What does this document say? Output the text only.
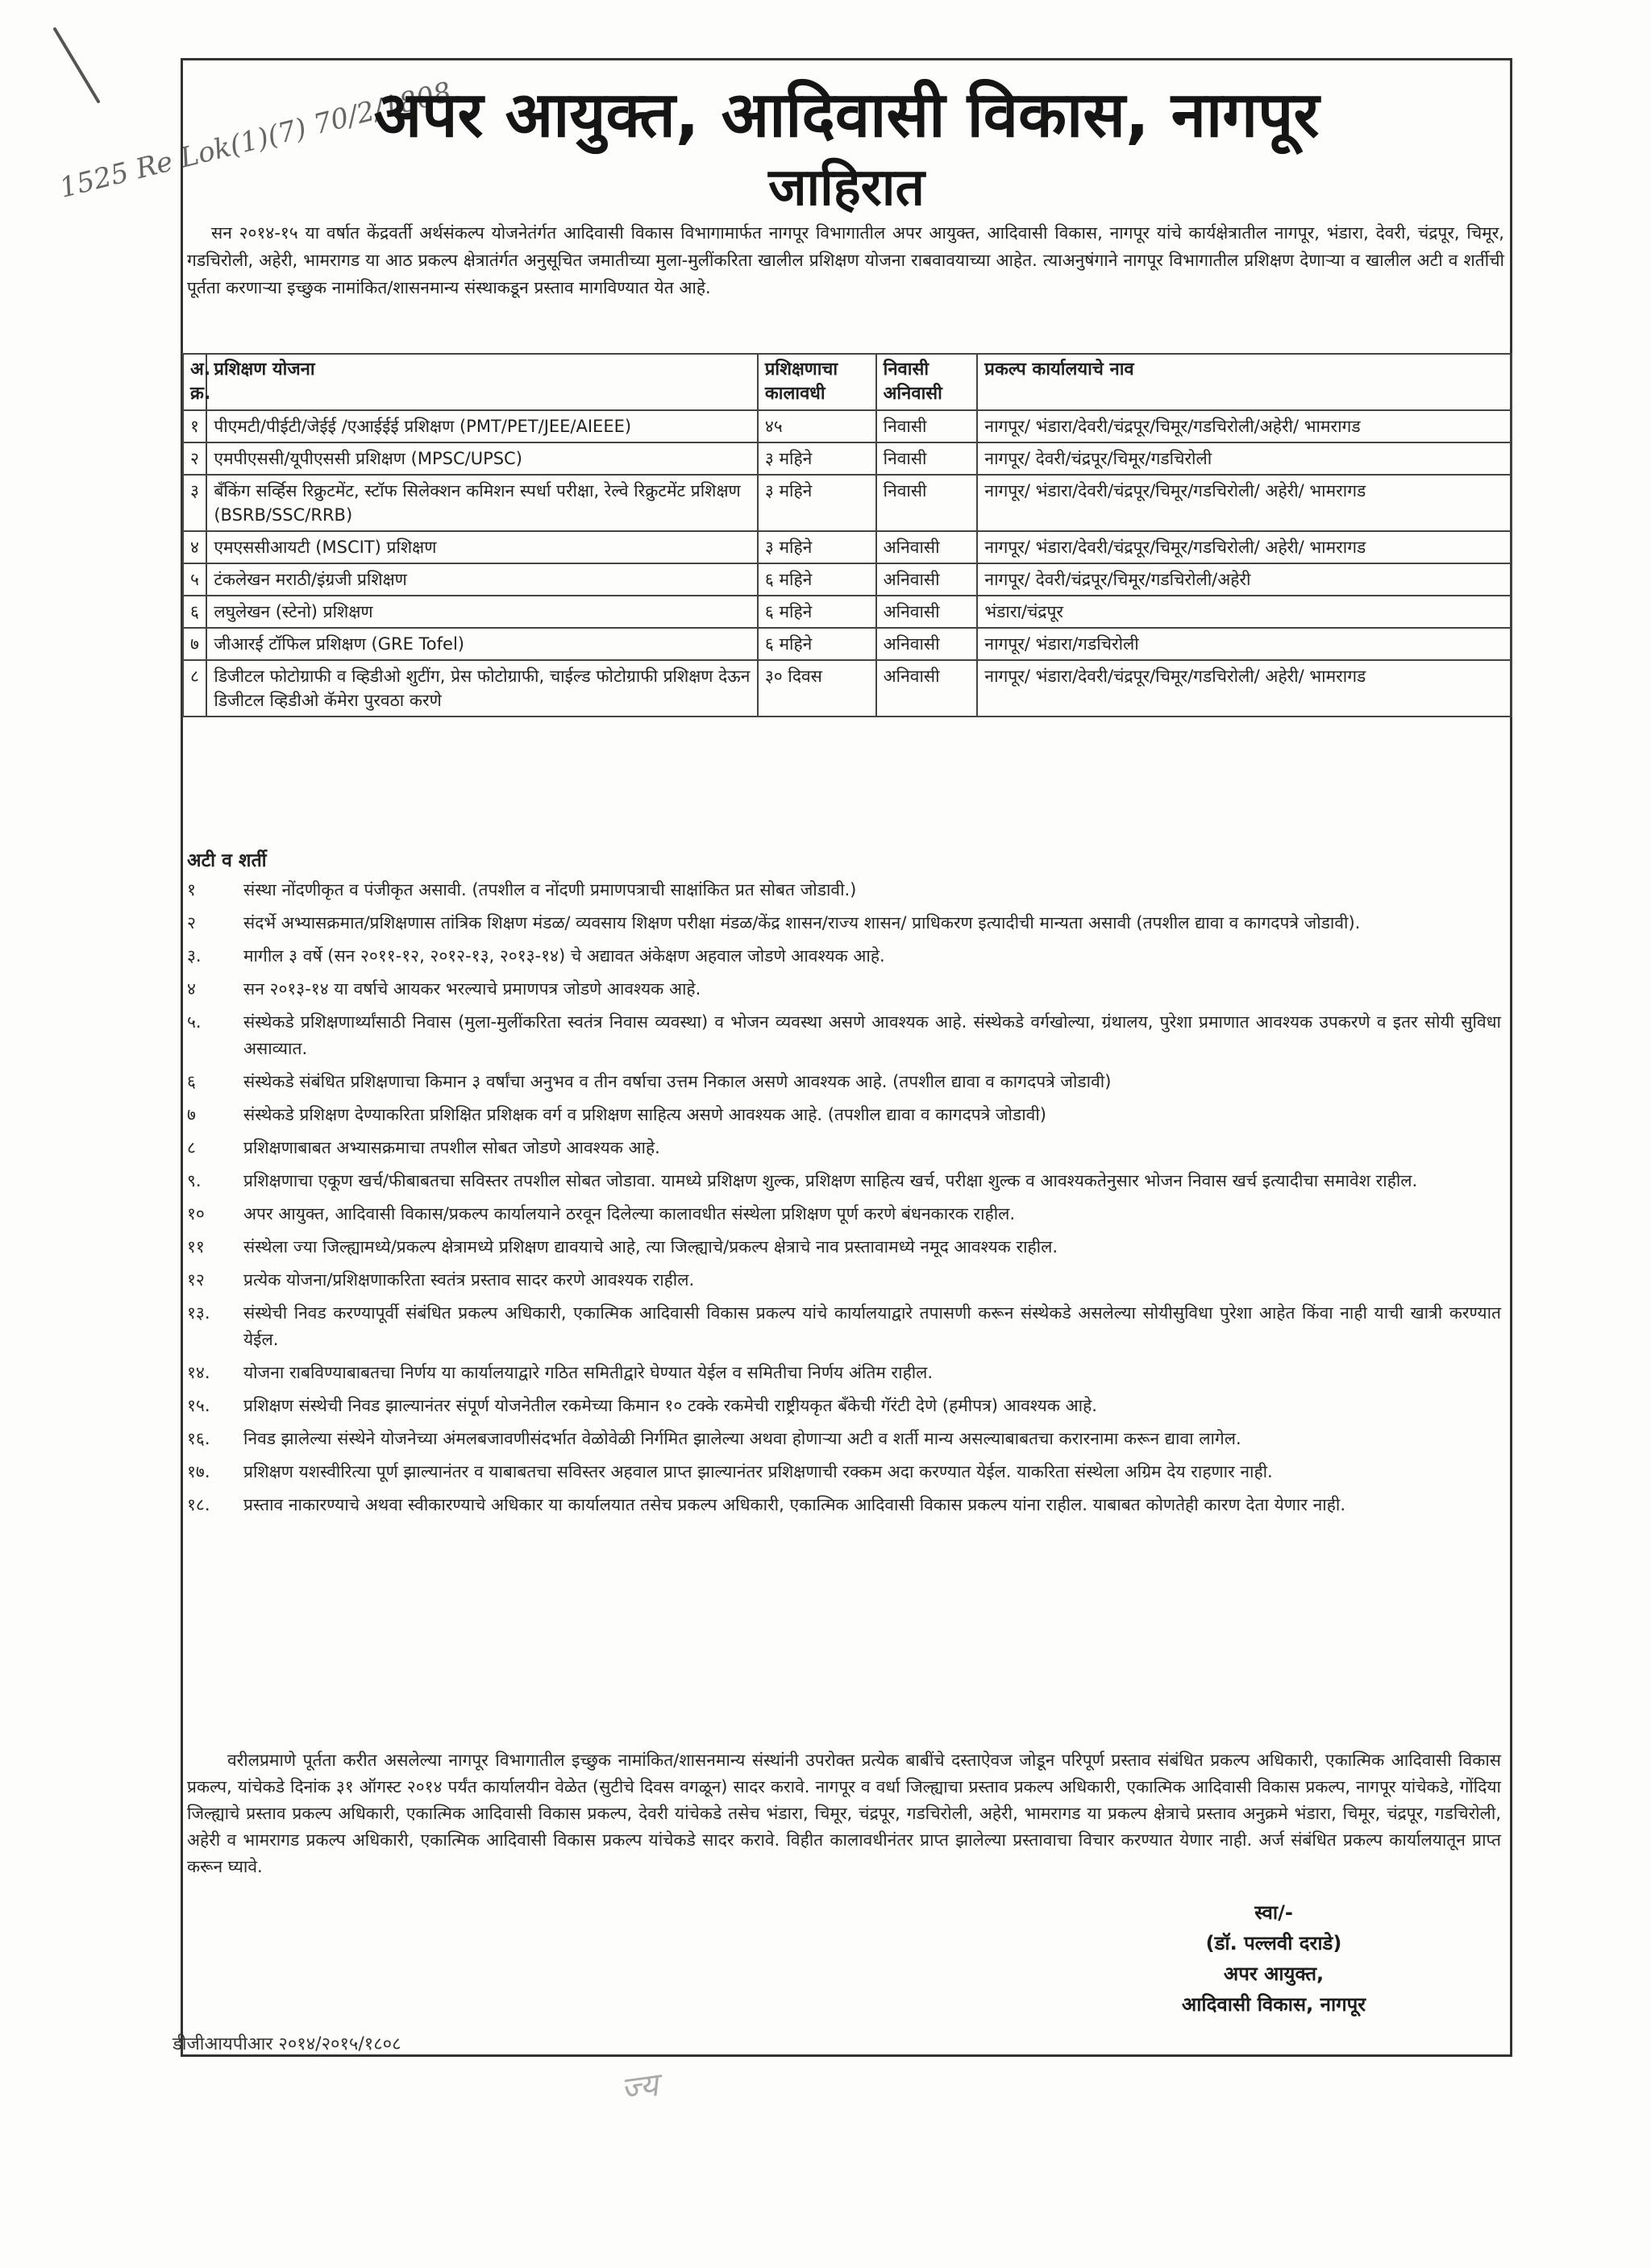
1525 Re Lok(1)(7) 70/2/1808
अपर आयुक्त, आदिवासी विकास, नागपूर
जाहिरात
सन २०१४-१५ या वर्षात केंद्रवर्ती अर्थसंकल्प योजनेतंर्गत आदिवासी विकास विभागामार्फत नागपूर विभागातील अपर आयुक्त, आदिवासी विकास, नागपूर यांचे कार्यक्षेत्रातील नागपूर, भंडारा, देवरी, चंद्रपूर, चिमूर, गडचिरोली, अहेरी, भामरागड या आठ प्रकल्प क्षेत्रातंर्गत अनुसूचित जमातीच्या मुला-मुलींकरिता खालील प्रशिक्षण योजना राबवावयाच्या आहेत. त्याअनुषंगाने नागपूर विभागातील प्रशिक्षण देणाऱ्या व खालील अटी व शर्तीची पूर्तता करणाऱ्या इच्छुक नामांकित/शासनमान्य संस्थाकडून प्रस्ताव मागविण्यात येत आहे.
अ. क्र.	प्रशिक्षण योजना	प्रशिक्षणाचा कालावधी	निवासी अनिवासी	प्रकल्प कार्यालयाचे नाव
१	पीएमटी/पीईटी/जेईई /एआईईई प्रशिक्षण (PMT/PET/JEE/AIEEE)	४५	निवासी	नागपूर/ भंडारा/देवरी/चंद्रपूर/चिमूर/गडचिरोली/अहेरी/ भामरागड
२	एमपीएससी/यूपीएससी प्रशिक्षण (MPSC/UPSC)	३ महिने	निवासी	नागपूर/ देवरी/चंद्रपूर/चिमूर/गडचिरोली
३	बँकिंग सर्व्हिस रिक्रुटमेंट, स्टॉफ सिलेक्शन कमिशन स्पर्धा परीक्षा, रेल्वे रिक्रुटमेंट प्रशिक्षण (BSRB/SSC/RRB)	३ महिने	निवासी	नागपूर/ भंडारा/देवरी/चंद्रपूर/चिमूर/गडचिरोली/ अहेरी/ भामरागड
४	एमएससीआयटी (MSCIT) प्रशिक्षण	३ महिने	अनिवासी	नागपूर/ भंडारा/देवरी/चंद्रपूर/चिमूर/गडचिरोली/ अहेरी/ भामरागड
५	टंकलेखन मराठी/इंग्रजी प्रशिक्षण	६ महिने	अनिवासी	नागपूर/ देवरी/चंद्रपूर/चिमूर/गडचिरोली/अहेरी
६	लघुलेखन (स्टेनो) प्रशिक्षण	६ महिने	अनिवासी	भंडारा/चंद्रपूर
७	जीआरई टॉफिल प्रशिक्षण (GRE Tofel)	६ महिने	अनिवासी	नागपूर/ भंडारा/गडचिरोली
८	डिजीटल फोटोग्राफी व व्हिडीओ शुटींग, प्रेस फोटोग्राफी, चाईल्ड फोटोग्राफी प्रशिक्षण देऊन डिजीटल व्हिडीओ कॅमेरा पुरवठा करणे	३० दिवस	अनिवासी	नागपूर/ भंडारा/देवरी/चंद्रपूर/चिमूर/गडचिरोली/ अहेरी/ भामरागड
अटी व शर्ती
१	संस्था नोंदणीकृत व पंजीकृत असावी. (तपशील व नोंदणी प्रमाणपत्राची साक्षांकित प्रत सोबत जोडावी.)
२	संदर्भे अभ्यासक्रमात/प्रशिक्षणास तांत्रिक शिक्षण मंडळ/ व्यवसाय शिक्षण परीक्षा मंडळ/केंद्र शासन/राज्य शासन/ प्राधिकरण इत्यादीची मान्यता असावी (तपशील द्यावा व कागदपत्रे जोडावी).
३.	मागील ३ वर्षे (सन २०११-१२, २०१२-१३, २०१३-१४) चे अद्यावत अंकेक्षण अहवाल जोडणे आवश्यक आहे.
४	सन २०१३-१४ या वर्षाचे आयकर भरल्याचे प्रमाणपत्र जोडणे आवश्यक आहे.
५.	संस्थेकडे प्रशिक्षणार्थ्यांसाठी निवास (मुला-मुलींकरिता स्वतंत्र निवास व्यवस्था) व भोजन व्यवस्था असणे आवश्यक आहे. संस्थेकडे वर्गखोल्या, ग्रंथालय, पुरेशा प्रमाणात आवश्यक उपकरणे व इतर सोयी सुविधा असाव्यात.
६	संस्थेकडे संबंधित प्रशिक्षणाचा किमान ३ वर्षांचा अनुभव व तीन वर्षाचा उत्तम निकाल असणे आवश्यक आहे. (तपशील द्यावा व कागदपत्रे जोडावी)
७	संस्थेकडे प्रशिक्षण देण्याकरिता प्रशिक्षित प्रशिक्षक वर्ग व प्रशिक्षण साहित्य असणे आवश्यक आहे. (तपशील द्यावा व कागदपत्रे जोडावी)
८	प्रशिक्षणाबाबत अभ्यासक्रमाचा तपशील सोबत जोडणे आवश्यक आहे.
९.	प्रशिक्षणाचा एकूण खर्च/फीबाबतचा सविस्तर तपशील सोबत जोडावा. यामध्ये प्रशिक्षण शुल्क, प्रशिक्षण साहित्य खर्च, परीक्षा शुल्क व आवश्यकतेनुसार भोजन निवास खर्च इत्यादीचा समावेश राहील.
१०	अपर आयुक्त, आदिवासी विकास/प्रकल्प कार्यालयाने ठरवून दिलेल्या कालावधीत संस्थेला प्रशिक्षण पूर्ण करणे बंधनकारक राहील.
११	संस्थेला ज्या जिल्ह्यामध्ये/प्रकल्प क्षेत्रामध्ये प्रशिक्षण द्यावयाचे आहे, त्या जिल्ह्याचे/प्रकल्प क्षेत्राचे नाव प्रस्तावामध्ये नमूद आवश्यक राहील.
१२	प्रत्येक योजना/प्रशिक्षणाकरिता स्वतंत्र प्रस्ताव सादर करणे आवश्यक राहील.
१३.	संस्थेची निवड करण्यापूर्वी संबंधित प्रकल्प अधिकारी, एकात्मिक आदिवासी विकास प्रकल्प यांचे कार्यालयाद्वारे तपासणी करून संस्थेकडे असलेल्या सोयीसुविधा पुरेशा आहेत किंवा नाही याची खात्री करण्यात येईल.
१४.	योजना राबविण्याबाबतचा निर्णय या कार्यालयाद्वारे गठित समितीद्वारे घेण्यात येईल व समितीचा निर्णय अंतिम राहील.
१५.	प्रशिक्षण संस्थेची निवड झाल्यानंतर संपूर्ण योजनेतील रकमेच्या किमान १० टक्के रकमेची राष्ट्रीयकृत बँकेची गॅरंटी देणे (हमीपत्र) आवश्यक आहे.
१६.	निवड झालेल्या संस्थेने योजनेच्या अंमलबजावणीसंदर्भात वेळोवेळी निर्गमित झालेल्या अथवा होणाऱ्या अटी व शर्ती मान्य असल्याबाबतचा करारनामा करून द्यावा लागेल.
१७.	प्रशिक्षण यशस्वीरित्या पूर्ण झाल्यानंतर व याबाबतचा सविस्तर अहवाल प्राप्त झाल्यानंतर प्रशिक्षणाची रक्कम अदा करण्यात येईल. याकरिता संस्थेला अग्रिम देय राहणार नाही.
१८.	प्रस्ताव नाकारण्याचे अथवा स्वीकारण्याचे अधिकार या कार्यालयात तसेच प्रकल्प अधिकारी, एकात्मिक आदिवासी विकास प्रकल्प यांना राहील. याबाबत कोणतेही कारण देता येणार नाही.
वरीलप्रमाणे पूर्तता करीत असलेल्या नागपूर विभागातील इच्छुक नामांकित/शासनमान्य संस्थांनी उपरोक्त प्रत्येक बाबींचे दस्ताऐवज जोडून परिपूर्ण प्रस्ताव संबंधित प्रकल्प अधिकारी, एकात्मिक आदिवासी विकास प्रकल्प, यांचेकडे दिनांक ३१ ऑगस्ट २०१४ पर्यंत कार्यालयीन वेळेत (सुटीचे दिवस वगळून) सादर करावे. नागपूर व वर्धा जिल्ह्याचा प्रस्ताव प्रकल्प अधिकारी, एकात्मिक आदिवासी विकास प्रकल्प, नागपूर यांचेकडे, गोंदिया जिल्ह्याचे प्रस्ताव प्रकल्प अधिकारी, एकात्मिक आदिवासी विकास प्रकल्प, देवरी यांचेकडे तसेच भंडारा, चिमूर, चंद्रपूर, गडचिरोली, अहेरी, भामरागड या प्रकल्प क्षेत्राचे प्रस्ताव अनुक्रमे भंडारा, चिमूर, चंद्रपूर, गडचिरोली, अहेरी व भामरागड प्रकल्प अधिकारी, एकात्मिक आदिवासी विकास प्रकल्प यांचेकडे सादर करावे. विहीत कालावधीनंतर प्राप्त झालेल्या प्रस्तावाचा विचार करण्यात येणार नाही. अर्ज संबंधित प्रकल्प कार्यालयातून प्राप्त करून घ्यावे.
स्वा/-
(डॉ. पल्लवी दराडे)
अपर आयुक्त,
आदिवासी विकास, नागपूर
डीजीआयपीआर २०१४/२०१५/१८०८
ज्य
